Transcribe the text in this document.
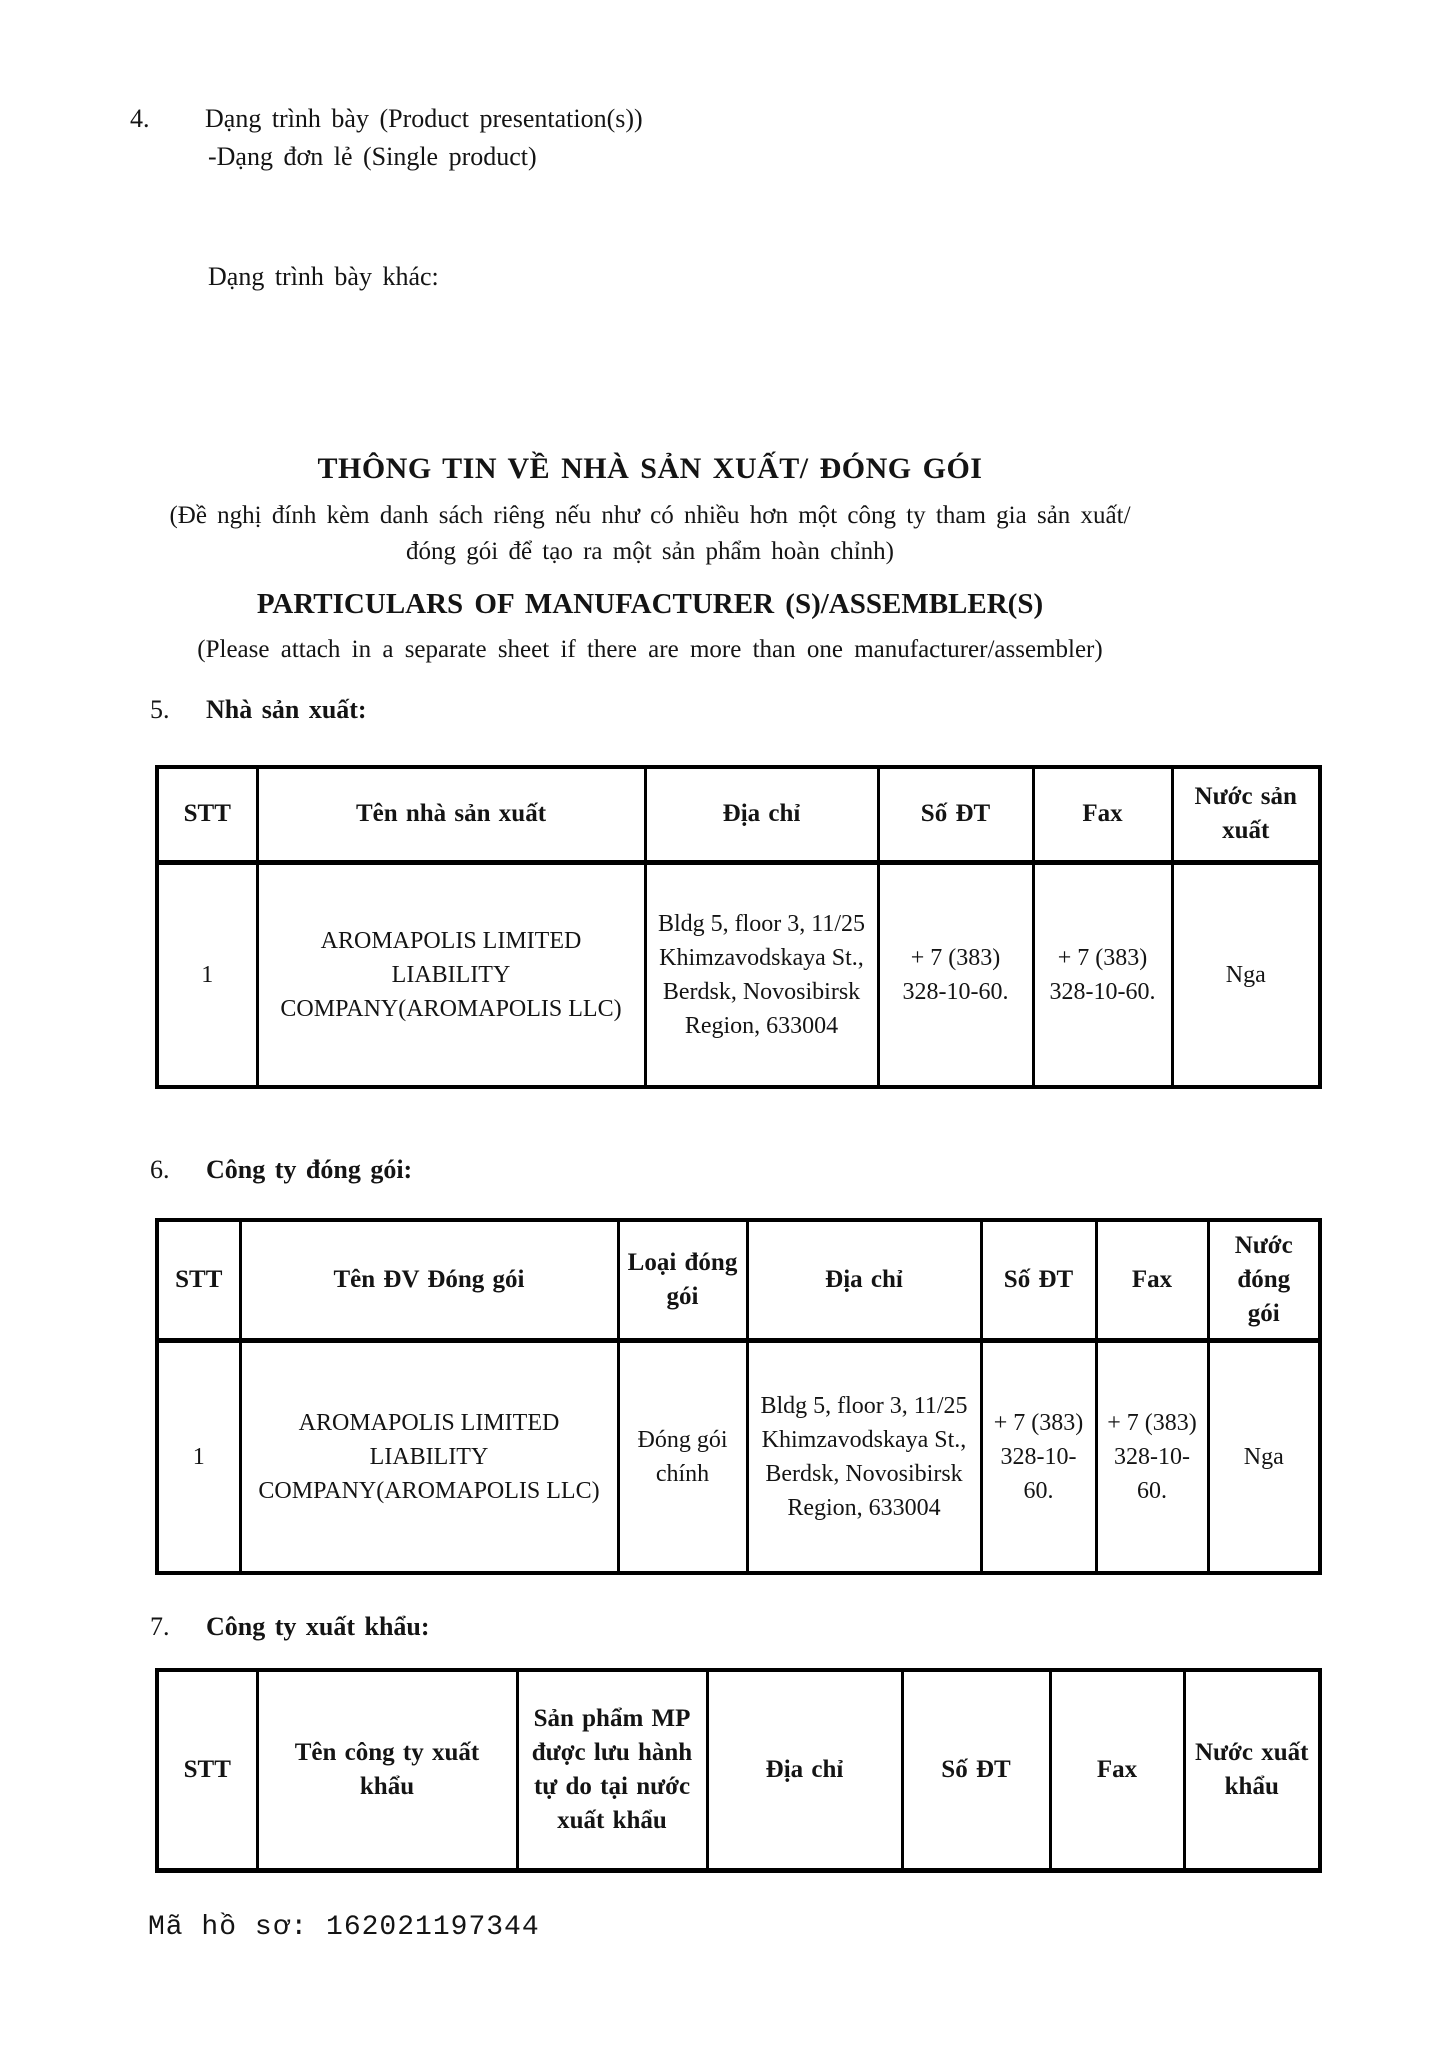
4.	Dạng trình bày (Product presentation(s))
-Dạng đơn lẻ (Single product)
Dạng trình bày khác:
THÔNG TIN VỀ NHÀ SẢN XUẤT/ ĐÓNG GÓI
(Đề nghị đính kèm danh sách riêng nếu như có nhiều hơn một công ty tham gia sản xuất/ đóng gói để tạo ra một sản phẩm hoàn chỉnh)
PARTICULARS OF MANUFACTURER (S)/ASSEMBLER(S)
(Please attach in a separate sheet if there are more than one manufacturer/assembler)
5.	Nhà sản xuất:
STT	Tên nhà sản xuất	Địa chỉ	Số ĐT	Fax	Nước sản xuất
1	AROMAPOLIS LIMITED LIABILITY COMPANY(AROMAPOLIS LLC)	Bldg 5, floor 3, 11/25 Khimzavodskaya St., Berdsk, Novosibirsk Region, 633004	+ 7 (383) 328-10-60.	+ 7 (383) 328-10-60.	Nga
6.	Công ty đóng gói:
STT	Tên ĐV Đóng gói	Loại đóng gói	Địa chỉ	Số ĐT	Fax	Nước đóng gói
1	AROMAPOLIS LIMITED LIABILITY COMPANY(AROMAPOLIS LLC)	Đóng gói chính	Bldg 5, floor 3, 11/25 Khimzavodskaya St., Berdsk, Novosibirsk Region, 633004	+ 7 (383) 328-10-60.	+ 7 (383) 328-10-60.	Nga
7.	Công ty xuất khẩu:
STT	Tên công ty xuất khẩu	Sản phẩm MP được lưu hành tự do tại nước xuất khẩu	Địa chỉ	Số ĐT	Fax	Nước xuất khẩu
Mã hồ sơ: 162021197344
